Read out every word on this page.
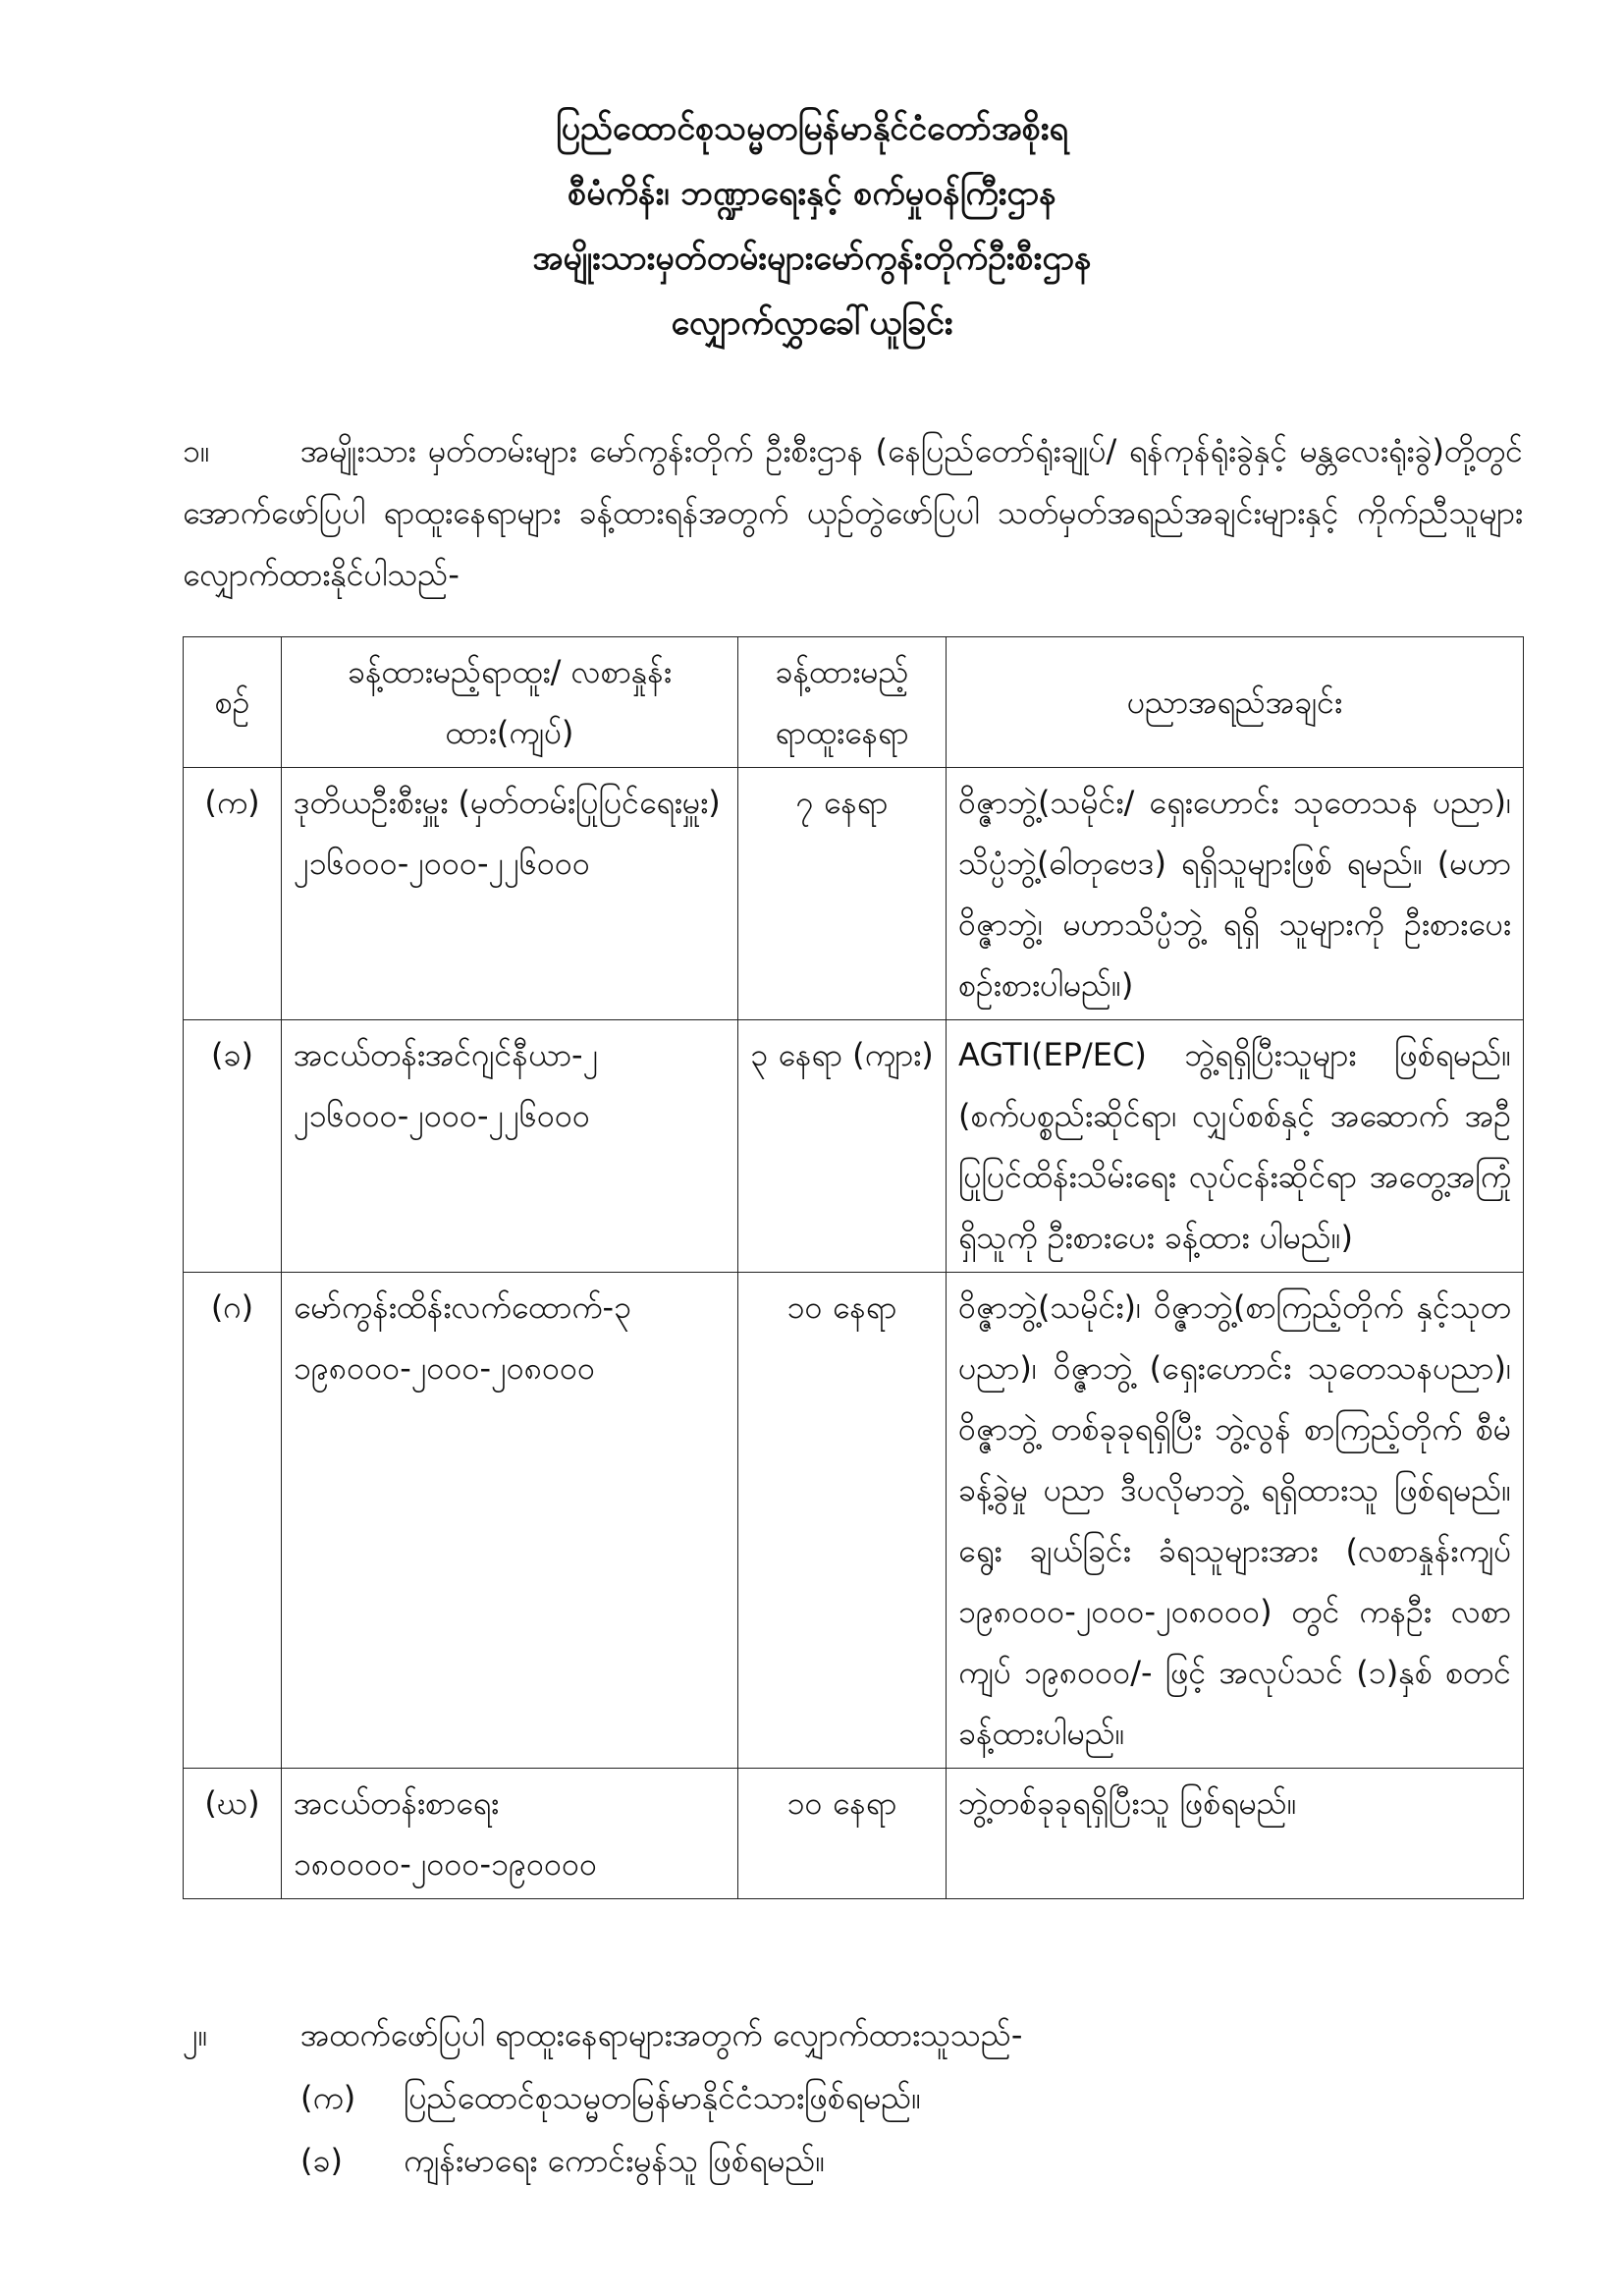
ပြည်ထောင်စုသမ္မတမြန်မာနိုင်ငံတော်အစိုးရ

စီမံကိန်း၊ ဘဏ္ဍာရေးနှင့် စက်မှုဝန်ကြီးဌာန

အမျိုးသားမှတ်တမ်းများမော်ကွန်းတိုက်ဦးစီးဌာန

လျှောက်လွှာခေါ်ယူခြင်း

၁။	အမျိုးသား မှတ်တမ်းများ မော်ကွန်းတိုက် ဦးစီးဌာန (နေပြည်တော်ရုံးချုပ်/ ရန်ကုန်ရုံးခွဲနှင့် မန္တလေးရုံးခွဲ)တို့တွင် အောက်ဖော်ပြပါ ရာထူးနေရာများ ခန့်ထားရန်အတွက် ယှဉ်တွဲဖော်ပြပါ သတ်မှတ်အရည်အချင်းများနှင့် ကိုက်ညီသူများ လျှောက်ထားနိုင်ပါသည်-
စဉ်	ခန့်ထားမည့်ရာထူး/ လစာနှုန်းထား(ကျပ်)	ခန့်ထားမည့် ရာထူးနေရာ	ပညာအရည်အချင်း
(က)	ဒုတိယဦးစီးမှူး (မှတ်တမ်းပြုပြင်ရေးမှူး) ၂၁၆၀၀၀-၂၀၀၀-၂၂၆၀၀၀	၇ နေရာ	ဝိဇ္ဇာဘွဲ့(သမိုင်း/ ရှေးဟောင်း သုတေသန ပညာ)၊ သိပ္ပံဘွဲ့(ဓါတုဗေဒ) ရရှိသူများဖြစ် ရမည်။ (မဟာဝိဇ္ဇာဘွဲ့၊ မဟာသိပ္ပံဘွဲ့ ရရှိ သူများကို ဦးစားပေး စဉ်းစားပါမည်။)
(ခ)	အငယ်တန်းအင်ဂျင်နီယာ-၂ ၂၁၆၀၀၀-၂၀၀၀-၂၂၆၀၀၀	၃ နေရာ (ကျား)	AGTI(EP/EC) ဘွဲ့ရရှိပြီးသူများ ဖြစ်ရမည်။ (စက်ပစ္စည်းဆိုင်ရာ၊ လျှပ်စစ်နှင့် အဆောက် အဦ ပြုပြင်ထိန်းသိမ်းရေး လုပ်ငန်းဆိုင်ရာ အတွေ့အကြုံရှိသူကို ဦးစားပေး ခန့်ထား ပါမည်။)
(ဂ)	မော်ကွန်းထိန်းလက်ထောက်-၃ ၁၉၈၀၀၀-၂၀၀၀-၂၀၈၀၀၀	၁၀ နေရာ	ဝိဇ္ဇာဘွဲ့(သမိုင်း)၊ ဝိဇ္ဇာဘွဲ့(စာကြည့်တိုက် နှင့်သုတပညာ)၊ ဝိဇ္ဇာဘွဲ့ (ရှေးဟောင်း သုတေသနပညာ)၊ ဝိဇ္ဇာဘွဲ့ တစ်ခုခုရရှိပြီး ဘွဲ့လွန် စာကြည့်တိုက် စီမံခန့်ခွဲမှု ပညာ ဒီပလိုမာဘွဲ့ ရရှိထားသူ ဖြစ်ရမည်။ ရွေး ချယ်ခြင်း ခံရသူများအား (လစာနှုန်းကျပ် ၁၉၈၀၀၀-၂၀၀၀-၂၀၈၀၀၀) တွင် ကနဦး လစာကျပ် ၁၉၈၀၀၀/- ဖြင့် အလုပ်သင် (၁)နှစ် စတင် ခန့်ထားပါမည်။
(ဃ)	အငယ်တန်းစာရေး ၁၈၀၀၀၀-၂၀၀၀-၁၉၀၀၀၀	၁၀ နေရာ	ဘွဲ့တစ်ခုခုရရှိပြီးသူ ဖြစ်ရမည်။
၂။	အထက်ဖော်ပြပါ ရာထူးနေရာများအတွက် လျှောက်ထားသူသည်-
(က)	ပြည်ထောင်စုသမ္မတမြန်မာနိုင်ငံသားဖြစ်ရမည်။
(ခ)	ကျန်းမာရေး ကောင်းမွန်သူ ဖြစ်ရမည်။
